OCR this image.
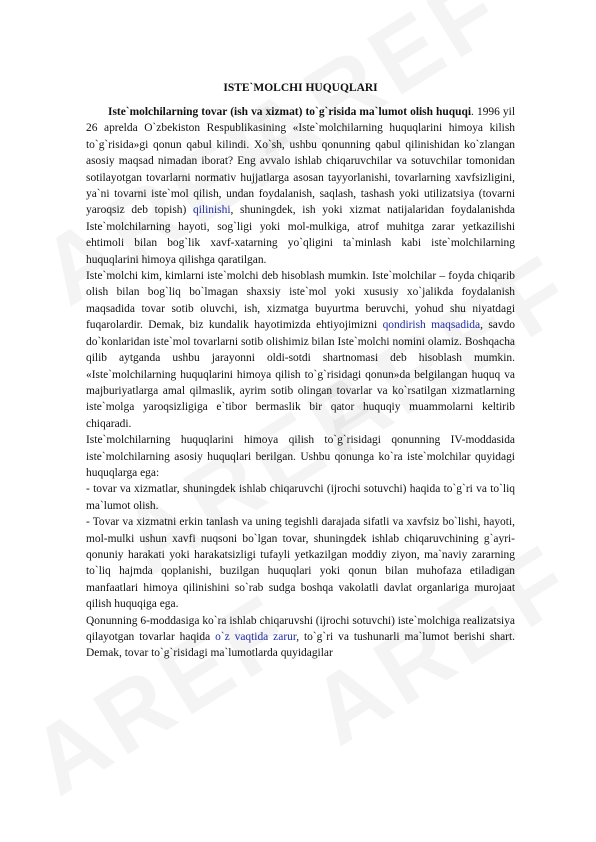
ISTE`MOLCHI HUQUQLARI

Iste`molchilarning tovar (ish va xizmat) to`g`risida ma`lumot olish huquqi. 1996 yil 26 aprelda O`zbekiston Respublikasining «Iste`molchilarning huquqlarini himoya kilish to`g`risida»gi qonun qabul kilindi. Xo`sh, ushbu qonunning qabul qilinishidan ko`zlangan asosiy maqsad nimadan iborat? Eng avvalo ishlab chiqaruvchilar va sotuvchilar tomonidan sotilayotgan tovarlarni normativ hujjatlarga asosan tayyorlanishi, tovarlarning xavfsizligini, ya`ni tovarni iste`mol qilish, undan foydalanish, saqlash, tashash yoki utilizatsiya (tovarni yaroqsiz deb topish) qilinishi, shuningdek, ish yoki xizmat natijalaridan foydalanishda Iste`molchilarning hayoti, sog`ligi yoki mol-mulkiga, atrof muhitga zarar yetkazilishi ehtimoli bilan bog`lik xavf-xatarning yo`qligini ta`minlash kabi iste`molchilarning huquqlarini himoya qilishga qaratilgan.

Iste`molchi kim, kimlarni iste`molchi deb hisoblash mumkin. Iste`molchilar – foyda chiqarib olish bilan bog`liq bo`lmagan shaxsiy iste`mol yoki xususiy xo`jalikda foydalanish maqsadida tovar sotib oluvchi, ish, xizmatga buyurtma beruvchi, yohud shu niyatdagi fuqarolardir. Demak, biz kundalik hayotimizda ehtiyojimizni qondirish maqsadida, savdo do`konlaridan iste`mol tovarlarni sotib olishimiz bilan Iste`molchi nomini olamiz. Boshqacha qilib aytganda ushbu jarayonni oldi-sotdi shartnomasi deb hisoblash mumkin. «Iste`molchilarning huquqlarini himoya qilish to`g`risidagi qonun»da belgilangan huquq va majburiyatlarga amal qilmaslik, ayrim sotib olingan tovarlar va ko`rsatilgan xizmatlarning iste`molga yaroqsizligiga e`tibor bermaslik bir qator huquqiy muammolarni keltirib chiqaradi.

Iste`molchilarning huquqlarini himoya qilish to`g`risidagi qonunning IV-moddasida iste`molchilarning asosiy huquqlari berilgan. Ushbu qonunga ko`ra iste`molchilar quyidagi huquqlarga ega:

- tovar va xizmatlar, shuningdek ishlab chiqaruvchi (ijrochi sotuvchi) haqida to`g`ri va to`liq ma`lumot olish.

- Tovar va xizmatni erkin tanlash va uning tegishli darajada sifatli va xavfsiz bo`lishi, hayoti, mol-mulki ushun xavfi nuqsoni bo`lgan tovar, shuningdek ishlab chiqaruvchining g`ayri-qonuniy harakati yoki harakatsizligi tufayli yetkazilgan moddiy ziyon, ma`naviy zararning to`liq hajmda qoplanishi, buzilgan huquqlari yoki qonun bilan muhofaza etiladigan manfaatlari himoya qilinishini so`rab sudga boshqa vakolatli davlat organlariga murojaat qilish huquqiga ega.

Qonunning 6-moddasiga ko`ra ishlab chiqaruvshi (ijrochi sotuvchi) iste`molchiga realizatsiya qilayotgan tovarlar haqida o`z vaqtida zarur, to`g`ri va tushunarli ma`lumot berishi shart. Demak, tovar to`g`risidagi ma`lumotlarda quyidagilar
